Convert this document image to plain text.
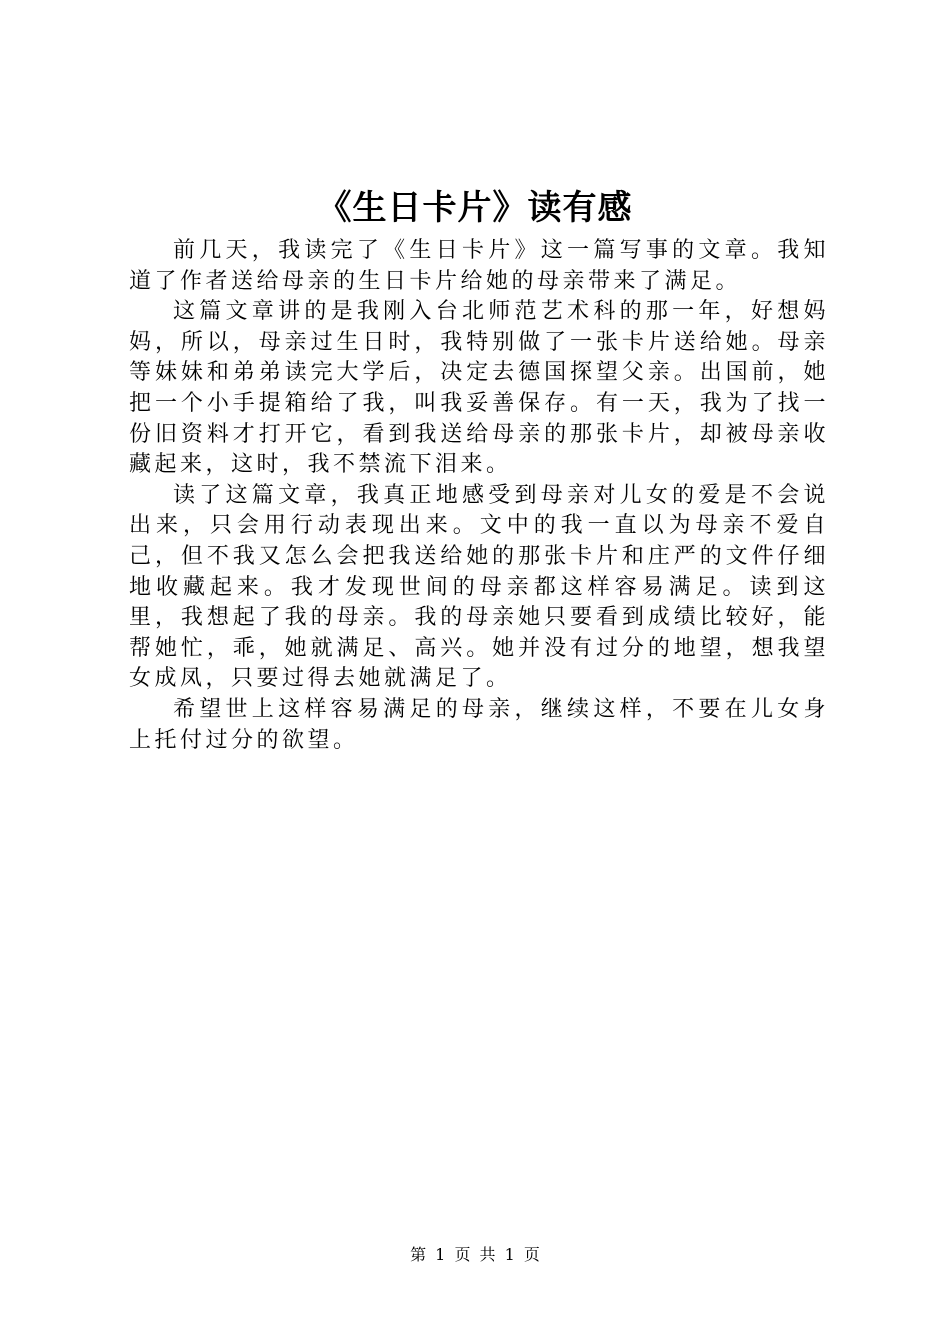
《生日卡片》读有感

前几天，我读完了《生日卡片》这一篇写事的文章。我知道了作者送给母亲的生日卡片给她的母亲带来了满足。

这篇文章讲的是我刚入台北师范艺术科的那一年，好想妈妈，所以，母亲过生日时，我特别做了一张卡片送给她。母亲等妹妹和弟弟读完大学后，决定去德国探望父亲。出国前，她把一个小手提箱给了我，叫我妥善保存。有一天，我为了找一份旧资料才打开它，看到我送给母亲的那张卡片，却被母亲收藏起来，这时，我不禁流下泪来。

读了这篇文章，我真正地感受到母亲对儿女的爱是不会说出来，只会用行动表现出来。文中的我一直以为母亲不爱自己，但不我又怎么会把我送给她的那张卡片和庄严的文件仔细地收藏起来。我才发现世间的母亲都这样容易满足。读到这里，我想起了我的母亲。我的母亲她只要看到成绩比较好，能帮她忙，乖，她就满足、高兴。她并没有过分的地望，想我望女成凤，只要过得去她就满足了。

希望世上这样容易满足的母亲，继续这样，不要在儿女身上托付过分的欲望。

第 1 页 共 1 页
